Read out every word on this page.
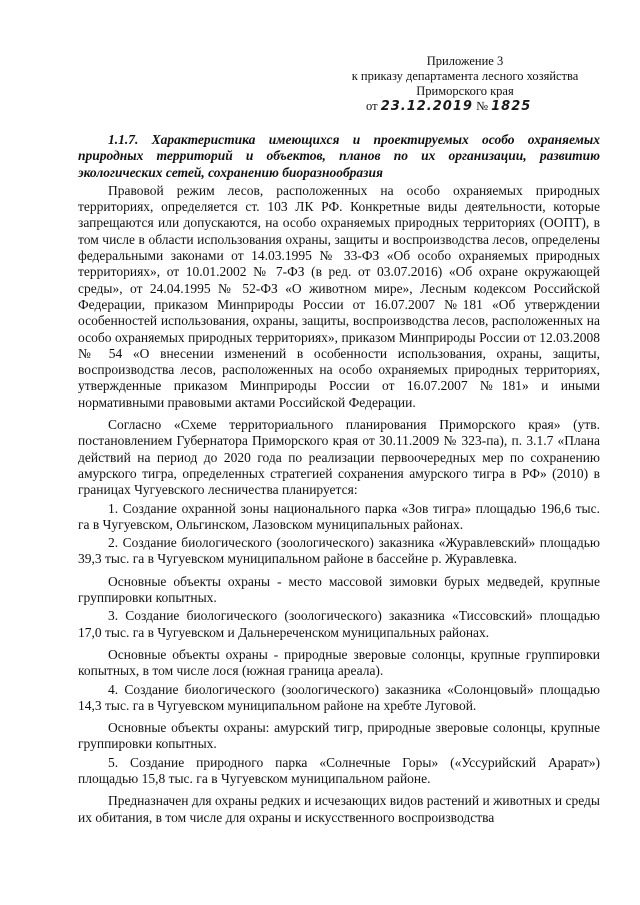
Приложение 3
к приказу департамента лесного хозяйства
Приморского края
от 23.12.2019 № 1825

1.1.7. Характеристика имеющихся и проектируемых особо охраняемых природных территорий и объектов, планов по их организации, развитию экологических сетей, сохранению биоразнообразия

Правовой режим лесов, расположенных на особо охраняемых природных территориях, определяется ст. 103 ЛК РФ. Конкретные виды деятельности, которые запрещаются или допускаются, на особо охраняемых природных территориях (ООПТ), в том числе в области использования охраны, защиты и воспроизводства лесов, определены федеральными законами от 14.03.1995 № 33-ФЗ «Об особо охраняемых природных территориях», от 10.01.2002 № 7-ФЗ (в ред. от 03.07.2016) «Об охране окружающей среды», от 24.04.1995 № 52-ФЗ «О животном мире», Лесным кодексом Российской Федерации, приказом Минприроды России от 16.07.2007 №181 «Об утверждении особенностей использования, охраны, защиты, воспроизводства лесов, расположенных на особо охраняемых природных территориях», приказом Минприроды России от 12.03.2008 № 54 «О внесении изменений в особенности использования, охраны, защиты, воспроизводства лесов, расположенных на особо охраняемых природных территориях, утвержденные приказом Минприроды России от 16.07.2007 №181» и иными нормативными правовыми актами Российской Федерации.

Согласно «Схеме территориального планирования Приморского края» (утв. постановлением Губернатора Приморского края от 30.11.2009 № 323-па), п. 3.1.7 «Плана действий на период до 2020 года по реализации первоочередных мер по сохранению амурского тигра, определенных стратегией сохранения амурского тигра в РФ» (2010) в границах Чугуевского лесничества планируется:

1. Создание охранной зоны национального парка «Зов тигра» площадью 196,6 тыс. га в Чугуевском, Ольгинском, Лазовском муниципальных районах.

2. Создание биологического (зоологического) заказника «Журавлевский» площадью 39,3 тыс. га в Чугуевском муниципальном районе в бассейне р. Журавлевка.

Основные объекты охраны - место массовой зимовки бурых медведей, крупные группировки копытных.

3. Создание биологического (зоологического) заказника «Тиссовский» площадью 17,0 тыс. га в Чугуевском и Дальнереченском муниципальных районах.

Основные объекты охраны - природные зверовые солонцы, крупные группировки копытных, в том числе лося (южная граница ареала).

4. Создание биологического (зоологического) заказника «Солонцовый» площадью 14,3 тыс. га в Чугуевском муниципальном районе на хребте Луговой.

Основные объекты охраны: амурский тигр, природные зверовые солонцы, крупные группировки копытных.

5. Создание природного парка «Солнечные Горы» («Уссурийский Арарат») площадью 15,8 тыс. га в Чугуевском муниципальном районе.

Предназначен для охраны редких и исчезающих видов растений и животных и среды их обитания, в том числе для охраны и искусственного воспроизводства
